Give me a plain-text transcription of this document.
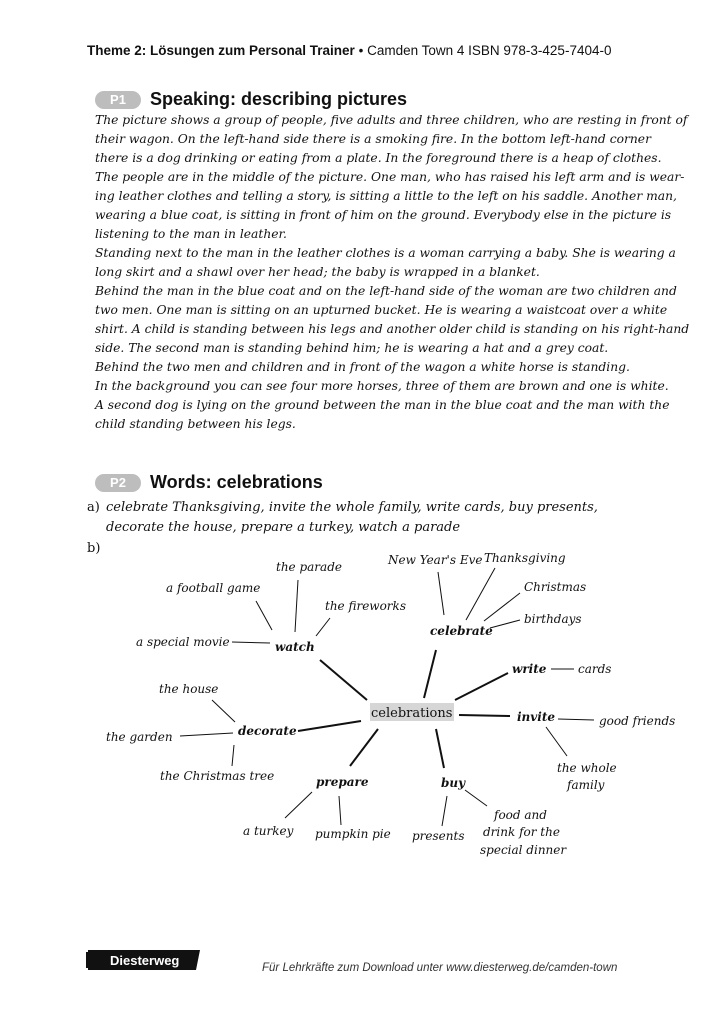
Theme 2: Lösungen zum Personal Trainer • Camden Town 4 ISBN 978-3-425-7404-0
P1	Speaking: describing pictures
The picture shows a group of people, five adults and three children, who are resting in front of
their wagon. On the left-hand side there is a smoking fire. In the bottom left-hand corner
there is a dog drinking or eating from a plate. In the foreground there is a heap of clothes.
The people are in the middle of the picture. One man, who has raised his left arm and is wear-
ing leather clothes and telling a story, is sitting a little to the left on his saddle. Another man,
wearing a blue coat, is sitting in front of him on the ground. Everybody else in the picture is
listening to the man in leather.
Standing next to the man in the leather clothes is a woman carrying a baby. She is wearing a
long skirt and a shawl over her head; the baby is wrapped in a blanket.
Behind the man in the blue coat and on the left-hand side of the woman are two children and
two men. One man is sitting on an upturned bucket. He is wearing a waistcoat over a white
shirt. A child is standing between his legs and another older child is standing on his right-hand
side. The second man is standing behind him; he is wearing a hat and a grey coat.
Behind the two men and children and in front of the wagon a white horse is standing.
In the background you can see four more horses, three of them are brown and one is white.
A second dog is lying on the ground between the man in the blue coat and the man with the
child standing between his legs.
P2	Words: celebrations
a) celebrate Thanksgiving, invite the whole family, write cards, buy presents,
decorate the house, prepare a turkey, watch a parade
b)
celebrations
watch
the parade
a football game
the fireworks
a special movie
celebrate
New Year's Eve Thanksgiving
Christmas
birthdays
write	cards
invite	good friends
the whole
family
decorate
the house
the garden
the Christmas tree	prepare
a turkey pumpkin pie
buy
presents
food and
drink for the
special dinner
Diesterweg	Für Lehrkräfte zum Download unter www.diesterweg.de/camden-town
